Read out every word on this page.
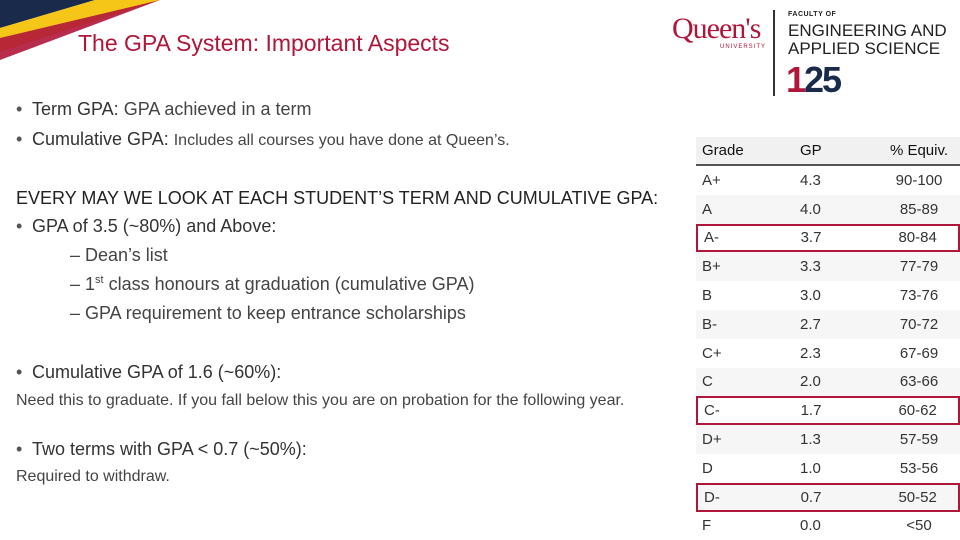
The GPA System: Important Aspects	Queen's
UNIVERSITY
FACULTY OF
ENGINEERING AND
APPLIED SCIENCE
125
• Term GPA: GPA achieved in a term
• Cumulative GPA: Includes all courses you have done at Queen’s.
EVERY MAY WE LOOK AT EACH STUDENT’S TERM AND CUMULATIVE GPA:
• GPA of 3.5 (~80%) and Above:
– Dean’s list
– 1st class honours at graduation (cumulative GPA)
– GPA requirement to keep entrance scholarships
• Cumulative GPA of 1.6 (~60%):
Need this to graduate. If you fall below this you are on probation for the following year.
• Two terms with GPA < 0.7 (~50%):
Required to withdraw.
Grade	GP	% Equiv.
A+	4.3	90-100
A	4.0	85-89
A-	3.7	80-84
B+	3.3	77-79
B	3.0	73-76
B-	2.7	70-72
C+	2.3	67-69
C	2.0	63-66
C-	1.7	60-62
D+	1.3	57-59
D	1.0	53-56
D-	0.7	50-52
F	0.0	<50
